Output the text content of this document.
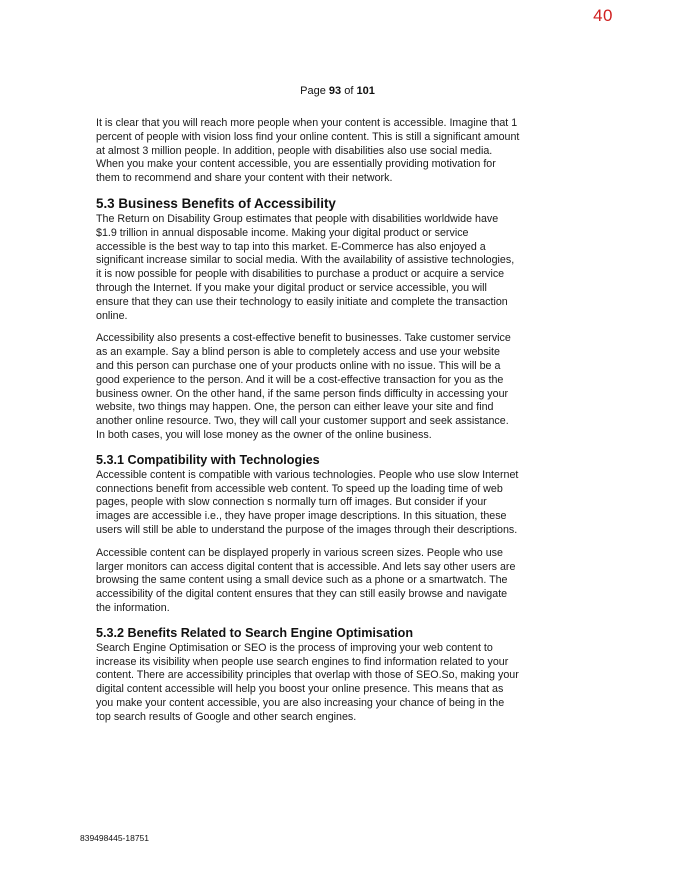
40
Page 93 of 101

It is clear that you will reach more people when your content is accessible. Imagine that 1 percent of people with vision loss find your online content. This is still a significant amount at almost 3 million people. In addition, people with disabilities also use social media. When you make your content accessible, you are essentially providing motivation for them to recommend and share your content with their network.

5.3 Business Benefits of Accessibility

The Return on Disability Group estimates that people with disabilities worldwide have $1.9 trillion in annual disposable income. Making your digital product or service accessible is the best way to tap into this market. E-Commerce has also enjoyed a significant increase similar to social media. With the availability of assistive technologies, it is now possible for people with disabilities to purchase a product or acquire a service through the Internet. If you make your digital product or service accessible, you will ensure that they can use their technology to easily initiate and complete the transaction online.

Accessibility also presents a cost-effective benefit to businesses. Take customer service as an example. Say a blind person is able to completely access and use your website and this person can purchase one of your products online with no issue. This will be a good experience to the person. And it will be a cost-effective transaction for you as the business owner. On the other hand, if the same person finds difficulty in accessing your website, two things may happen. One, the person can either leave your site and find another online resource. Two, they will call your customer support and seek assistance. In both cases, you will lose money as the owner of the online business.

5.3.1 Compatibility with Technologies

Accessible content is compatible with various technologies. People who use slow Internet connections benefit from accessible web content. To speed up the loading time of web pages, people with slow connection s normally turn off images. But consider if your images are accessible i.e., they have proper image descriptions. In this situation, these users will still be able to understand the purpose of the images through their descriptions.

Accessible content can be displayed properly in various screen sizes. People who use larger monitors can access digital content that is accessible. And lets say other users are browsing the same content using a small device such as a phone or a smartwatch. The accessibility of the digital content ensures that they can still easily browse and navigate the information.

5.3.2 Benefits Related to Search Engine Optimisation

Search Engine Optimisation or SEO is the process of improving your web content to increase its visibility when people use search engines to find information related to your content. There are accessibility principles that overlap with those of SEO.So, making your digital content accessible will help you boost your online presence. This means that as you make your content accessible, you are also increasing your chance of being in the top search results of Google and other search engines.

839498445-18751
